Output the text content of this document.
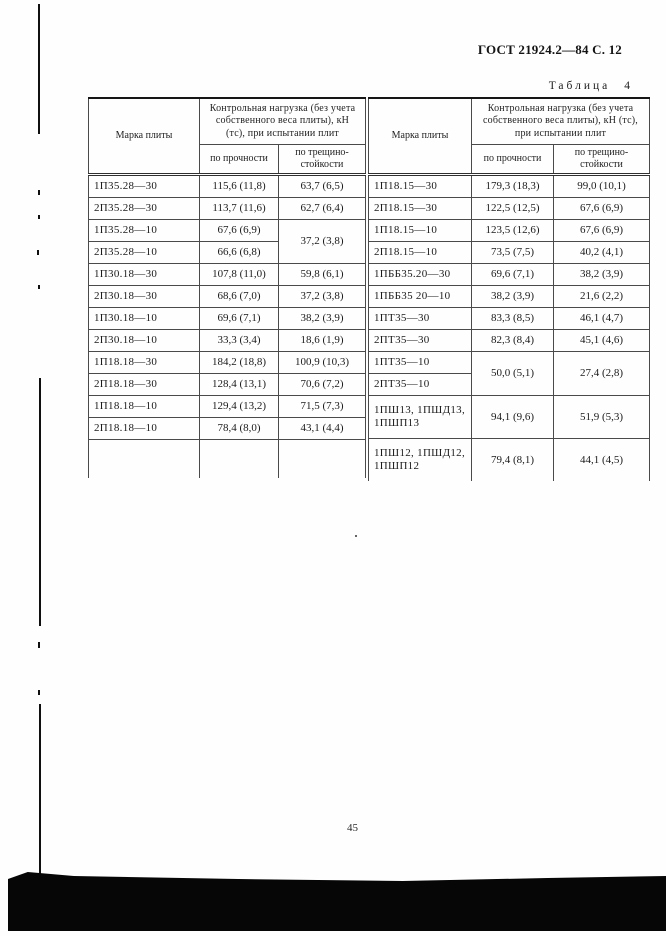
ГОСТ 21924.2—84 С. 12
Таблица 4
Марка плиты	Контрольная нагрузка (без учета собственного веса плиты), кН (тс), при испытании плит	
	по прочности	по трещино-стойкости
1П35.28—30	115,6 (11,8)	63,7 (6,5)
2П35.28—30	113,7 (11,6)	62,7 (6,4)
1П35.28—10	67,6 (6,9)	37,2 (3,8)
2П35.28—10	66,6 (6,8)	
1П30.18—30	107,8 (11,0)	59,8 (6,1)
2П30.18—30	68,6 (7,0)	37,2 (3,8)
1П30.18—10	69,6 (7,1)	38,2 (3,9)
2П30.18—10	33,3 (3,4)	18,6 (1,9)
1П18.18—30	184,2 (18,8)	100,9 (10,3)
2П18.18—30	128,4 (13,1)	70,6 (7,2)
1П18.18—10	129,4 (13,2)	71,5 (7,3)
2П18.18—10	78,4 (8,0)	43,1 (4,4)

Марка плиты	Контрольная нагрузка (без учета собственного веса плиты), кН (тс), при испытании плит	
	по прочности	по трещино-стойкости
1П18.15—30	179,3 (18,3)	99,0 (10,1)
2П18.15—30	122,5 (12,5)	67,6 (6,9)
1П18.15—10	123,5 (12,6)	67,6 (6,9)
2П18.15—10	73,5 (7,5)	40,2 (4,1)
1ПББ35.20—30	69,6 (7,1)	38,2 (3,9)
1ПББ35 20—10	38,2 (3,9)	21,6 (2,2)
1ПТ35—30	83,3 (8,5)	46,1 (4,7)
2ПТ35—30	82,3 (8,4)	45,1 (4,6)
1ПТ35—10	50,0 (5,1)	27,4 (2,8)
2ПТ35—10		
1ПШ13, 1ПШД13, 1ПШП13	94,1 (9,6)	51,9 (5,3)
1ПШ12, 1ПШД12, 1ПШП12	79,4 (8,1)	44,1 (4,5)
45
